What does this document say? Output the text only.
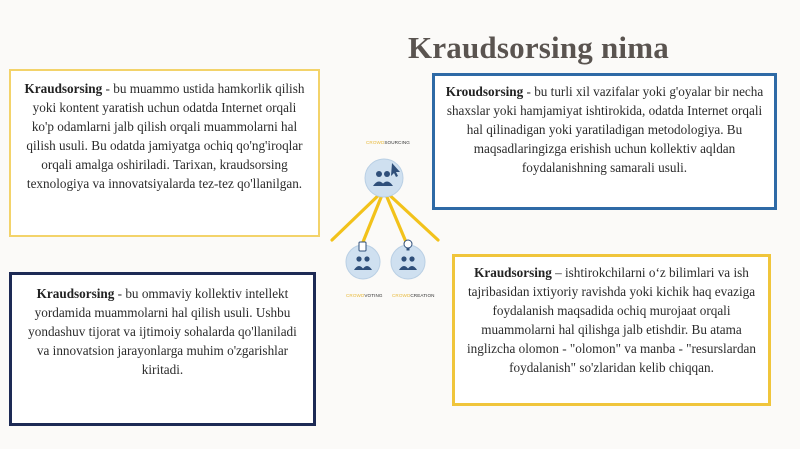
Kraudsorsing nima
Kraudsorsing - bu muammo ustida hamkorlik qilish yoki kontent yaratish uchun odatda Internet orqali ko'p odamlarni jalb qilish orqali muammolarni hal qilish usuli. Bu odatda jamiyatga ochiq qo'ng'iroqlar orqali amalga oshiriladi. Tarixan, kraudsorsing texnologiya va innovatsiyalarda tez-tez qo'llanilgan.
Kroudsorsing - bu turli xil vazifalar yoki g'oyalar bir necha shaxslar yoki hamjamiyat ishtirokida, odatda Internet orqali hal qilinadigan yoki yaratiladigan metodologiya. Bu maqsadlaringizga erishish uchun kollektiv aqldan foydalanishning samarali usuli.
Kraudsorsing - bu ommaviy kollektiv intellekt yordamida muammolarni hal qilish usuli. Ushbu yondashuv tijorat va ijtimoiy sohalarda qo'llaniladi va innovatsion jarayonlarga muhim o'zgarishlar kiritadi.
Kraudsorsing – ishtirokchilarni o‘z bilimlari va ish tajribasidan ixtiyoriy ravishda yoki kichik haq evaziga foydalanish maqsadida ochiq murojaat orqali muammolarni hal qilishga jalb etishdir. Bu atama inglizcha olomon - "olomon" va manba - "resurslardan foydalanish" so'zlaridan kelib chiqqan.
CROWDSOURCING
CROWDVOTING CROWDCREATION
